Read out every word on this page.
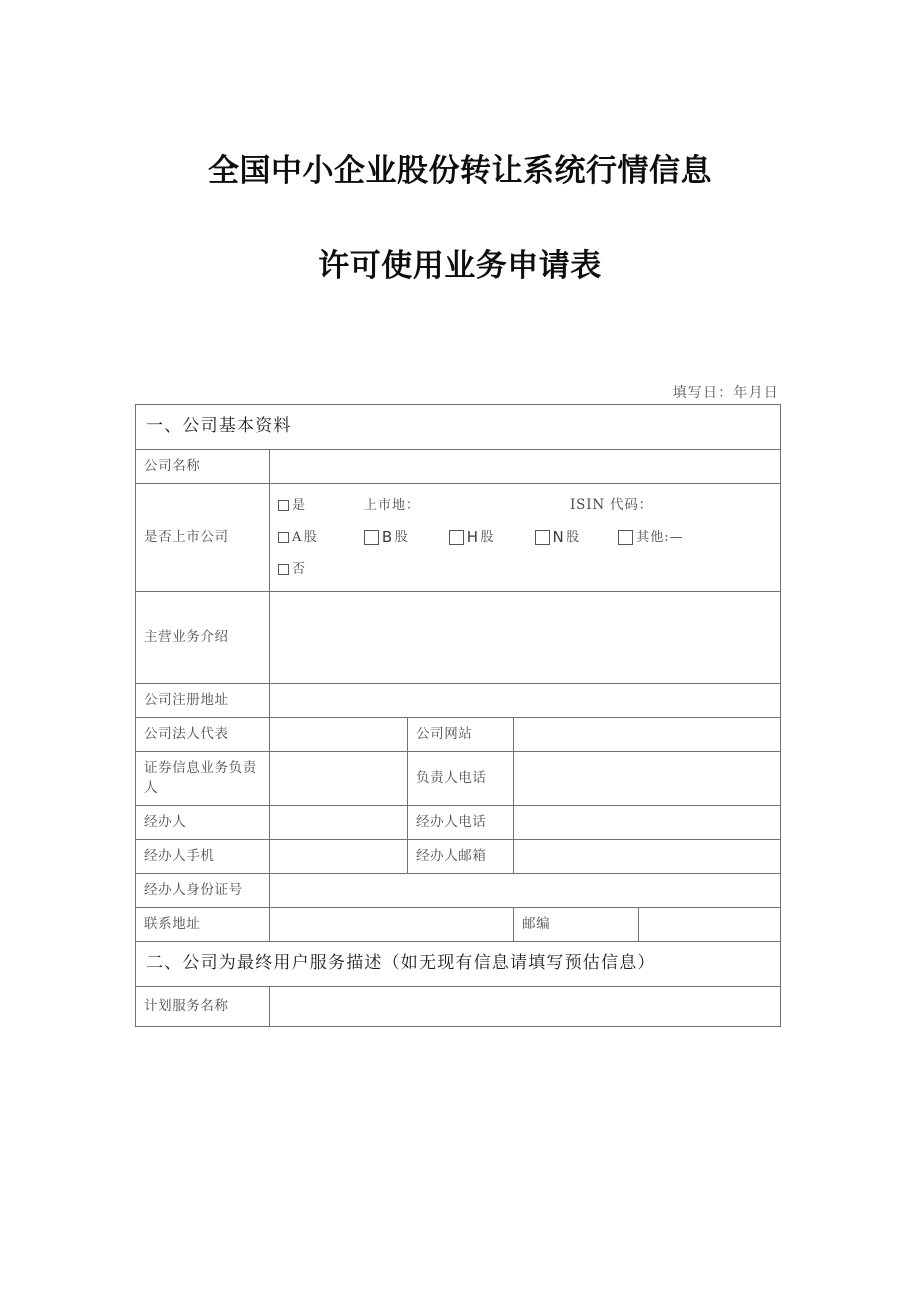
全国中小企业股份转让系统行情信息
许可使用业务申请表
填写日：年月日
一、公司基本资料				
公司名称				
是否上市公司	
是	上市地：	ISIN 代码：
A 股	B 股	H 股	N 股	其他:—
否

主营业务介绍				
公司注册地址				
公司法人代表		公司网站		
证券信息业务负责人		负责人电话		
经办人		经办人电话		
经办人手机		经办人邮箱		
经办人身份证号				
联系地址			邮编	
二、公司为最终用户服务描述（如无现有信息请填写预估信息）				
计划服务名称				
